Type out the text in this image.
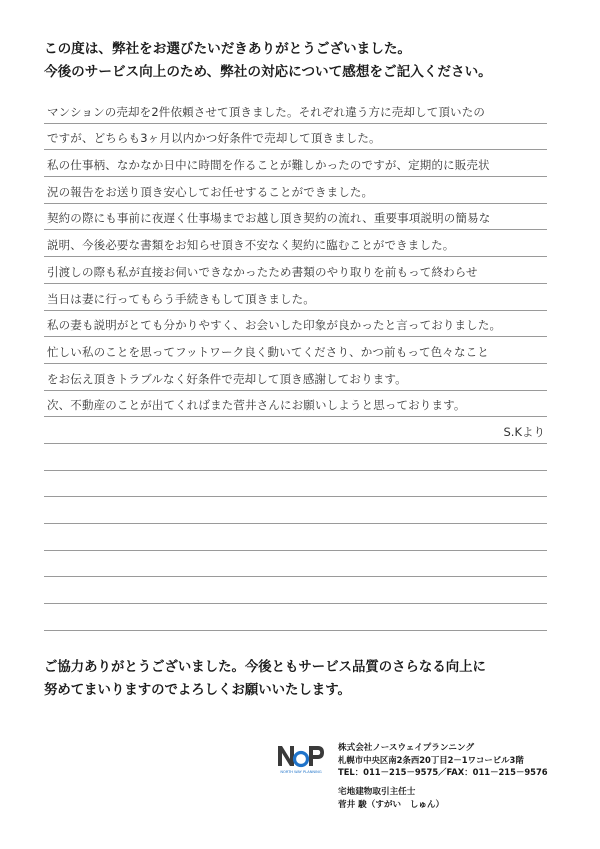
この度は、弊社をお選びたいだきありがとうございました。
今後のサービス向上のため、弊社の対応について感想をご記入ください。
マンションの売却を2件依頼させて頂きました。それぞれ違う方に売却して頂いたの
ですが、どちらも3ヶ月以内かつ好条件で売却して頂きました。
私の仕事柄、なかなか日中に時間を作ることが難しかったのですが、定期的に販売状
況の報告をお送り頂き安心してお任せすることができました。
契約の際にも事前に夜遅く仕事場までお越し頂き契約の流れ、重要事項説明の簡易な
説明、今後必要な書類をお知らせ頂き不安なく契約に臨むことができました。
引渡しの際も私が直接お伺いできなかったため書類のやり取りを前もって終わらせ
当日は妻に行ってもらう手続きもして頂きました。
私の妻も説明がとても分かりやすく、お会いした印象が良かったと言っておりました。
忙しい私のことを思ってフットワーク良く動いてくださり、かつ前もって色々なこと
をお伝え頂きトラブルなく好条件で売却して頂き感謝しております。
次、不動産のことが出てくればまた菅井さんにお願いしようと思っております。
S.Kより
ご協力ありがとうございました。今後ともサービス品質のさらなる向上に
努めてまいりますのでよろしくお願いいたします。
NORTH WAY PLANNING
株式会社ノースウェイプランニング
札幌市中央区南2条西20丁目2－1ワコービル3階
TEL：011－215－9575／FAX：011－215－9576
宅地建物取引主任士
菅井 駿（すがい　しゅん）
